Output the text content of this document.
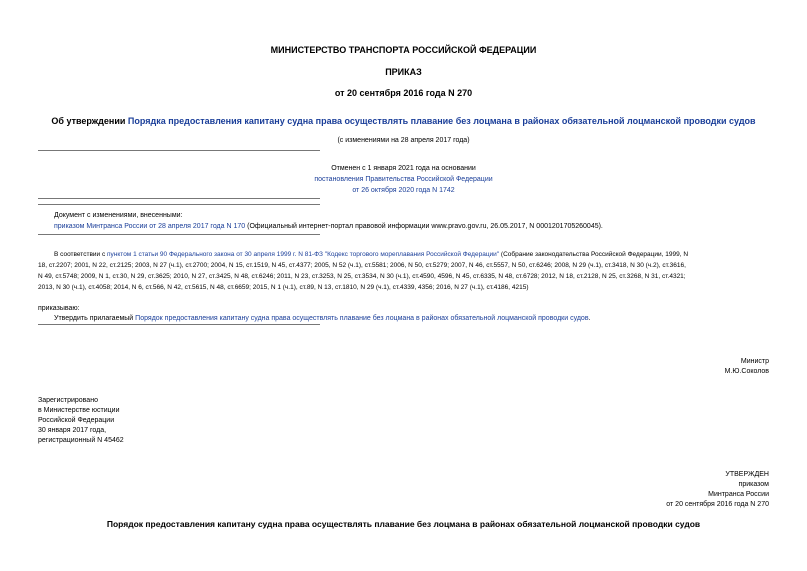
МИНИСТЕРСТВО ТРАНСПОРТА РОССИЙСКОЙ ФЕДЕРАЦИИ
ПРИКАЗ
от 20 сентября 2016 года N 270
Об утверждении Порядка предоставления капитану судна права осуществлять плавание без лоцмана в районах обязательной лоцманской проводки судов
(с изменениями на 28 апреля 2017 года)
Отменен с 1 января 2021 года на основании
постановления Правительства Российской Федерации
от 26 октября 2020 года N 1742
Документ с изменениями, внесенными:
приказом Минтранса России от 28 апреля 2017 года N 170 (Официальный интернет-портал правовой информации www.pravo.gov.ru, 26.05.2017, N 0001201705260045).
В соответствии с пунктом 1 статьи 90 Федерального закона от 30 апреля 1999 г. N 81-ФЗ "Кодекс торгового мореплавания Российской Федерации" (Собрание законодательства Российской Федерации, 1999, N
18, ст.2207; 2001, N 22, ст.2125; 2003, N 27 (ч.1), ст.2700; 2004, N 15, ст.1519, N 45, ст.4377; 2005, N 52 (ч.1), ст.5581; 2006, N 50, ст.5279; 2007, N 46, ст.5557, N 50, ст.6246; 2008, N 29 (ч.1), ст.3418, N 30 (ч.2), ст.3616,
N 49, ст.5748; 2009, N 1, ст.30, N 29, ст.3625; 2010, N 27, ст.3425, N 48, ст.6246; 2011, N 23, ст.3253, N 25, ст.3534, N 30 (ч.1), ст.4590, 4596, N 45, ст.6335, N 48, ст.6728; 2012, N 18, ст.2128, N 25, ст.3268, N 31, ст.4321;
2013, N 30 (ч.1), ст.4058; 2014, N 6, ст.566, N 42, ст.5615, N 48, ст.6659; 2015, N 1 (ч.1), ст.89, N 13, ст.1810, N 29 (ч.1), ст.4339, 4356; 2016, N 27 (ч.1), ст.4186, 4215)
приказываю:
Утвердить прилагаемый Порядок предоставления капитану судна права осуществлять плавание без лоцмана в районах обязательной лоцманской проводки судов.
Министр
М.Ю.Соколов
Зарегистрировано
в Министерстве юстиции
Российской Федерации
30 января 2017 года,
регистрационный N 45462
УТВЕРЖДЕН
приказом
Минтранса России
от 20 сентября 2016 года N 270
Порядок предоставления капитану судна права осуществлять плавание без лоцмана в районах обязательной лоцманской проводки судов
